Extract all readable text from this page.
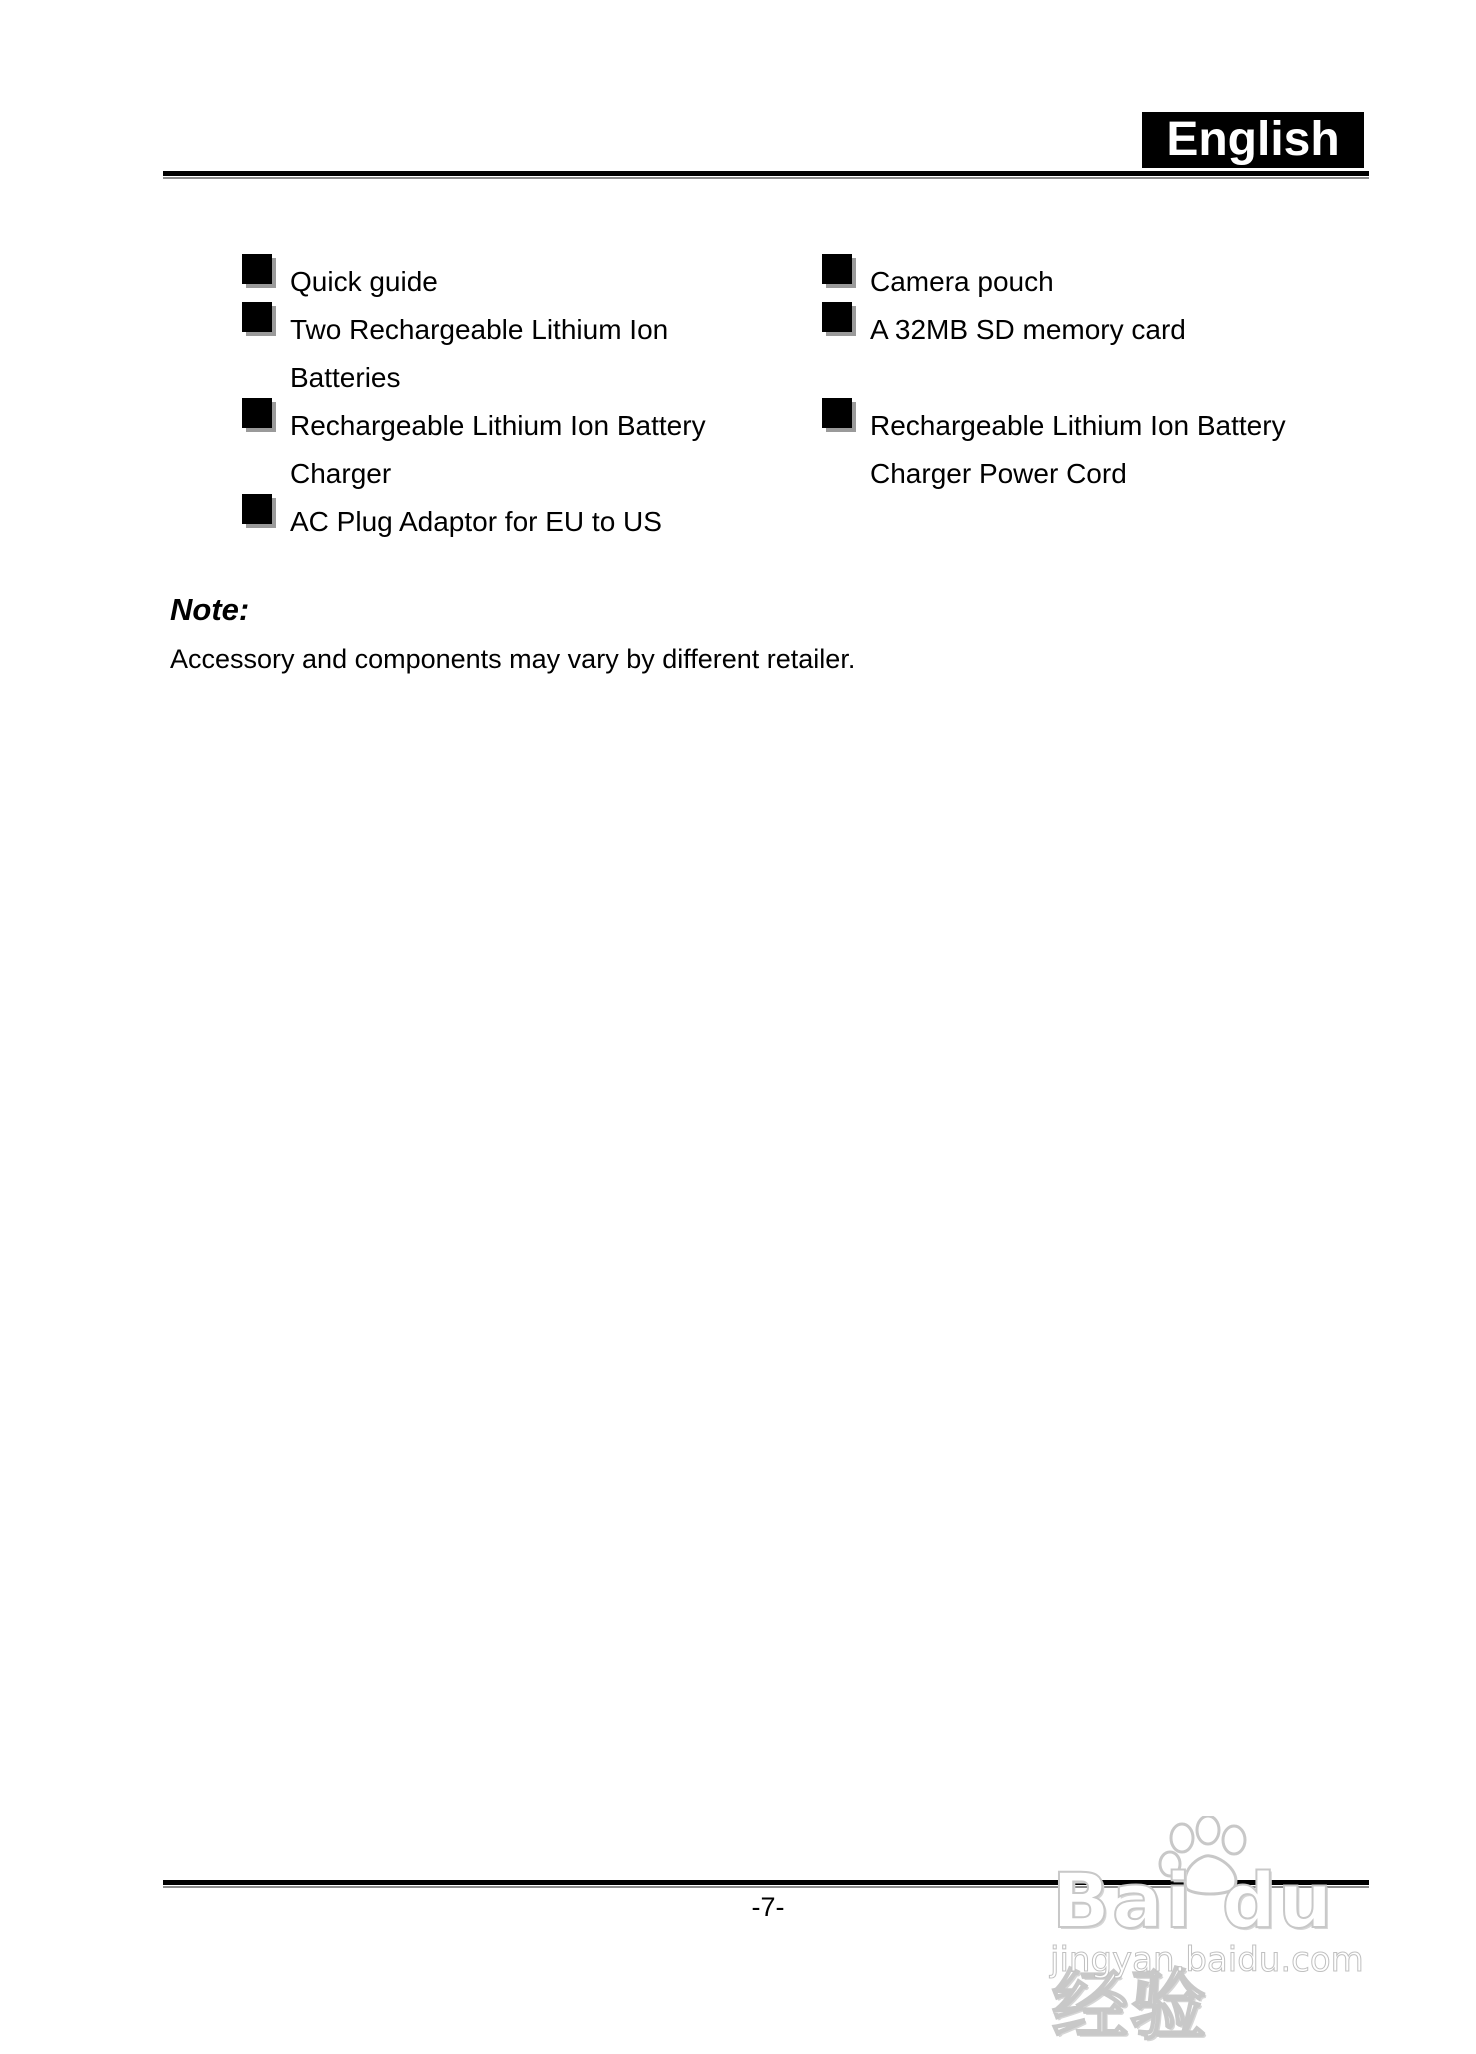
English
Quick guide
Two Rechargeable Lithium Ion
Batteries
Rechargeable Lithium Ion Battery
Charger
AC Plug Adaptor for EU to US
Camera pouch
A 32MB SD memory card
Rechargeable Lithium Ion Battery
Charger Power Cord
Note:
Accessory and components may vary by different retailer.
-7-	Bai du 经验
jingyan.baidu.com
